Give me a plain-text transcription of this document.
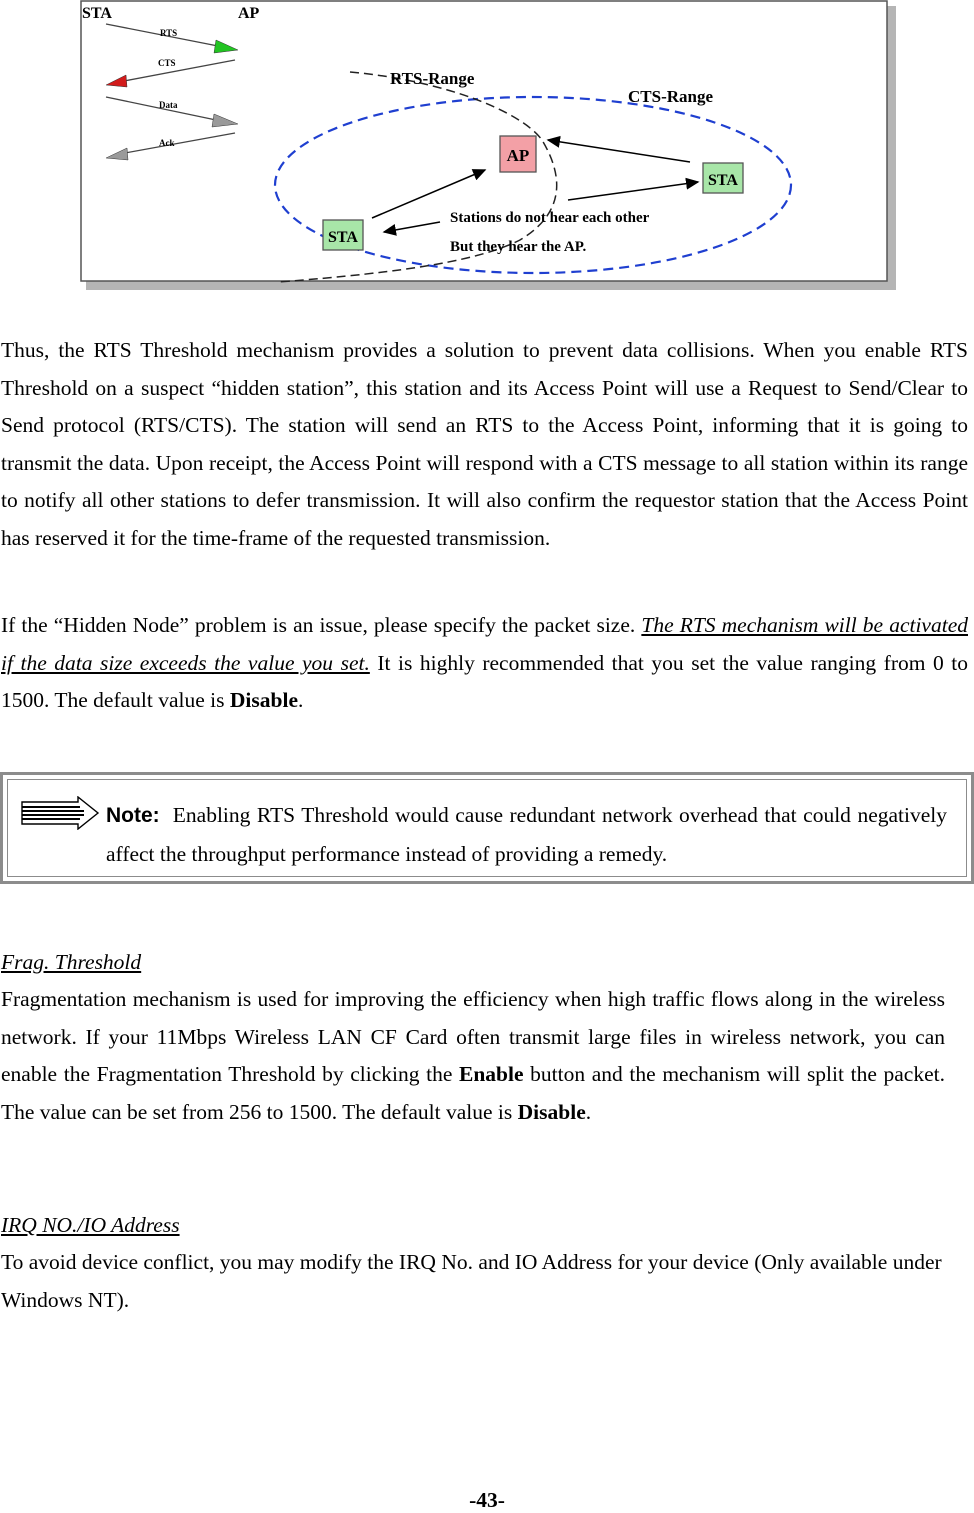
STA	AP
RTS
CTS
Data
Ack
RTS-Range
CTS-Range
AP
STA
STA
Stations do not hear each other
But they hear the AP.

Thus, the RTS Threshold mechanism provides a solution to prevent data collisions. When you enable RTS Threshold on a suspect “hidden station”, this station and its Access Point will use a Request to Send/Clear to Send protocol (RTS/CTS). The station will send an RTS to the Access Point, informing that it is going to transmit the data. Upon receipt, the Access Point will respond with a CTS message to all station within its range to notify all other stations to defer transmission. It will also confirm the requestor station that the Access Point has reserved it for the time-frame of the requested transmission.

If the “Hidden Node” problem is an issue, please specify the packet size. The RTS mechanism will be activated if the data size exceeds the value you set. It is highly recommended that you set the value ranging from 0 to 1500. The default value is Disable.

Note: Enabling RTS Threshold would cause redundant network overhead that could negatively affect the throughput performance instead of providing a remedy.

Frag. Threshold

Fragmentation mechanism is used for improving the efficiency when high traffic flows along in the wireless network. If your 11Mbps Wireless LAN CF Card often transmit large files in wireless network, you can enable the Fragmentation Threshold by clicking the Enable button and the mechanism will split the packet. The value can be set from 256 to 1500. The default value is Disable.

IRQ NO./IO Address

To avoid device conflict, you may modify the IRQ No. and IO Address for your device (Only available under Windows NT).

-43-
